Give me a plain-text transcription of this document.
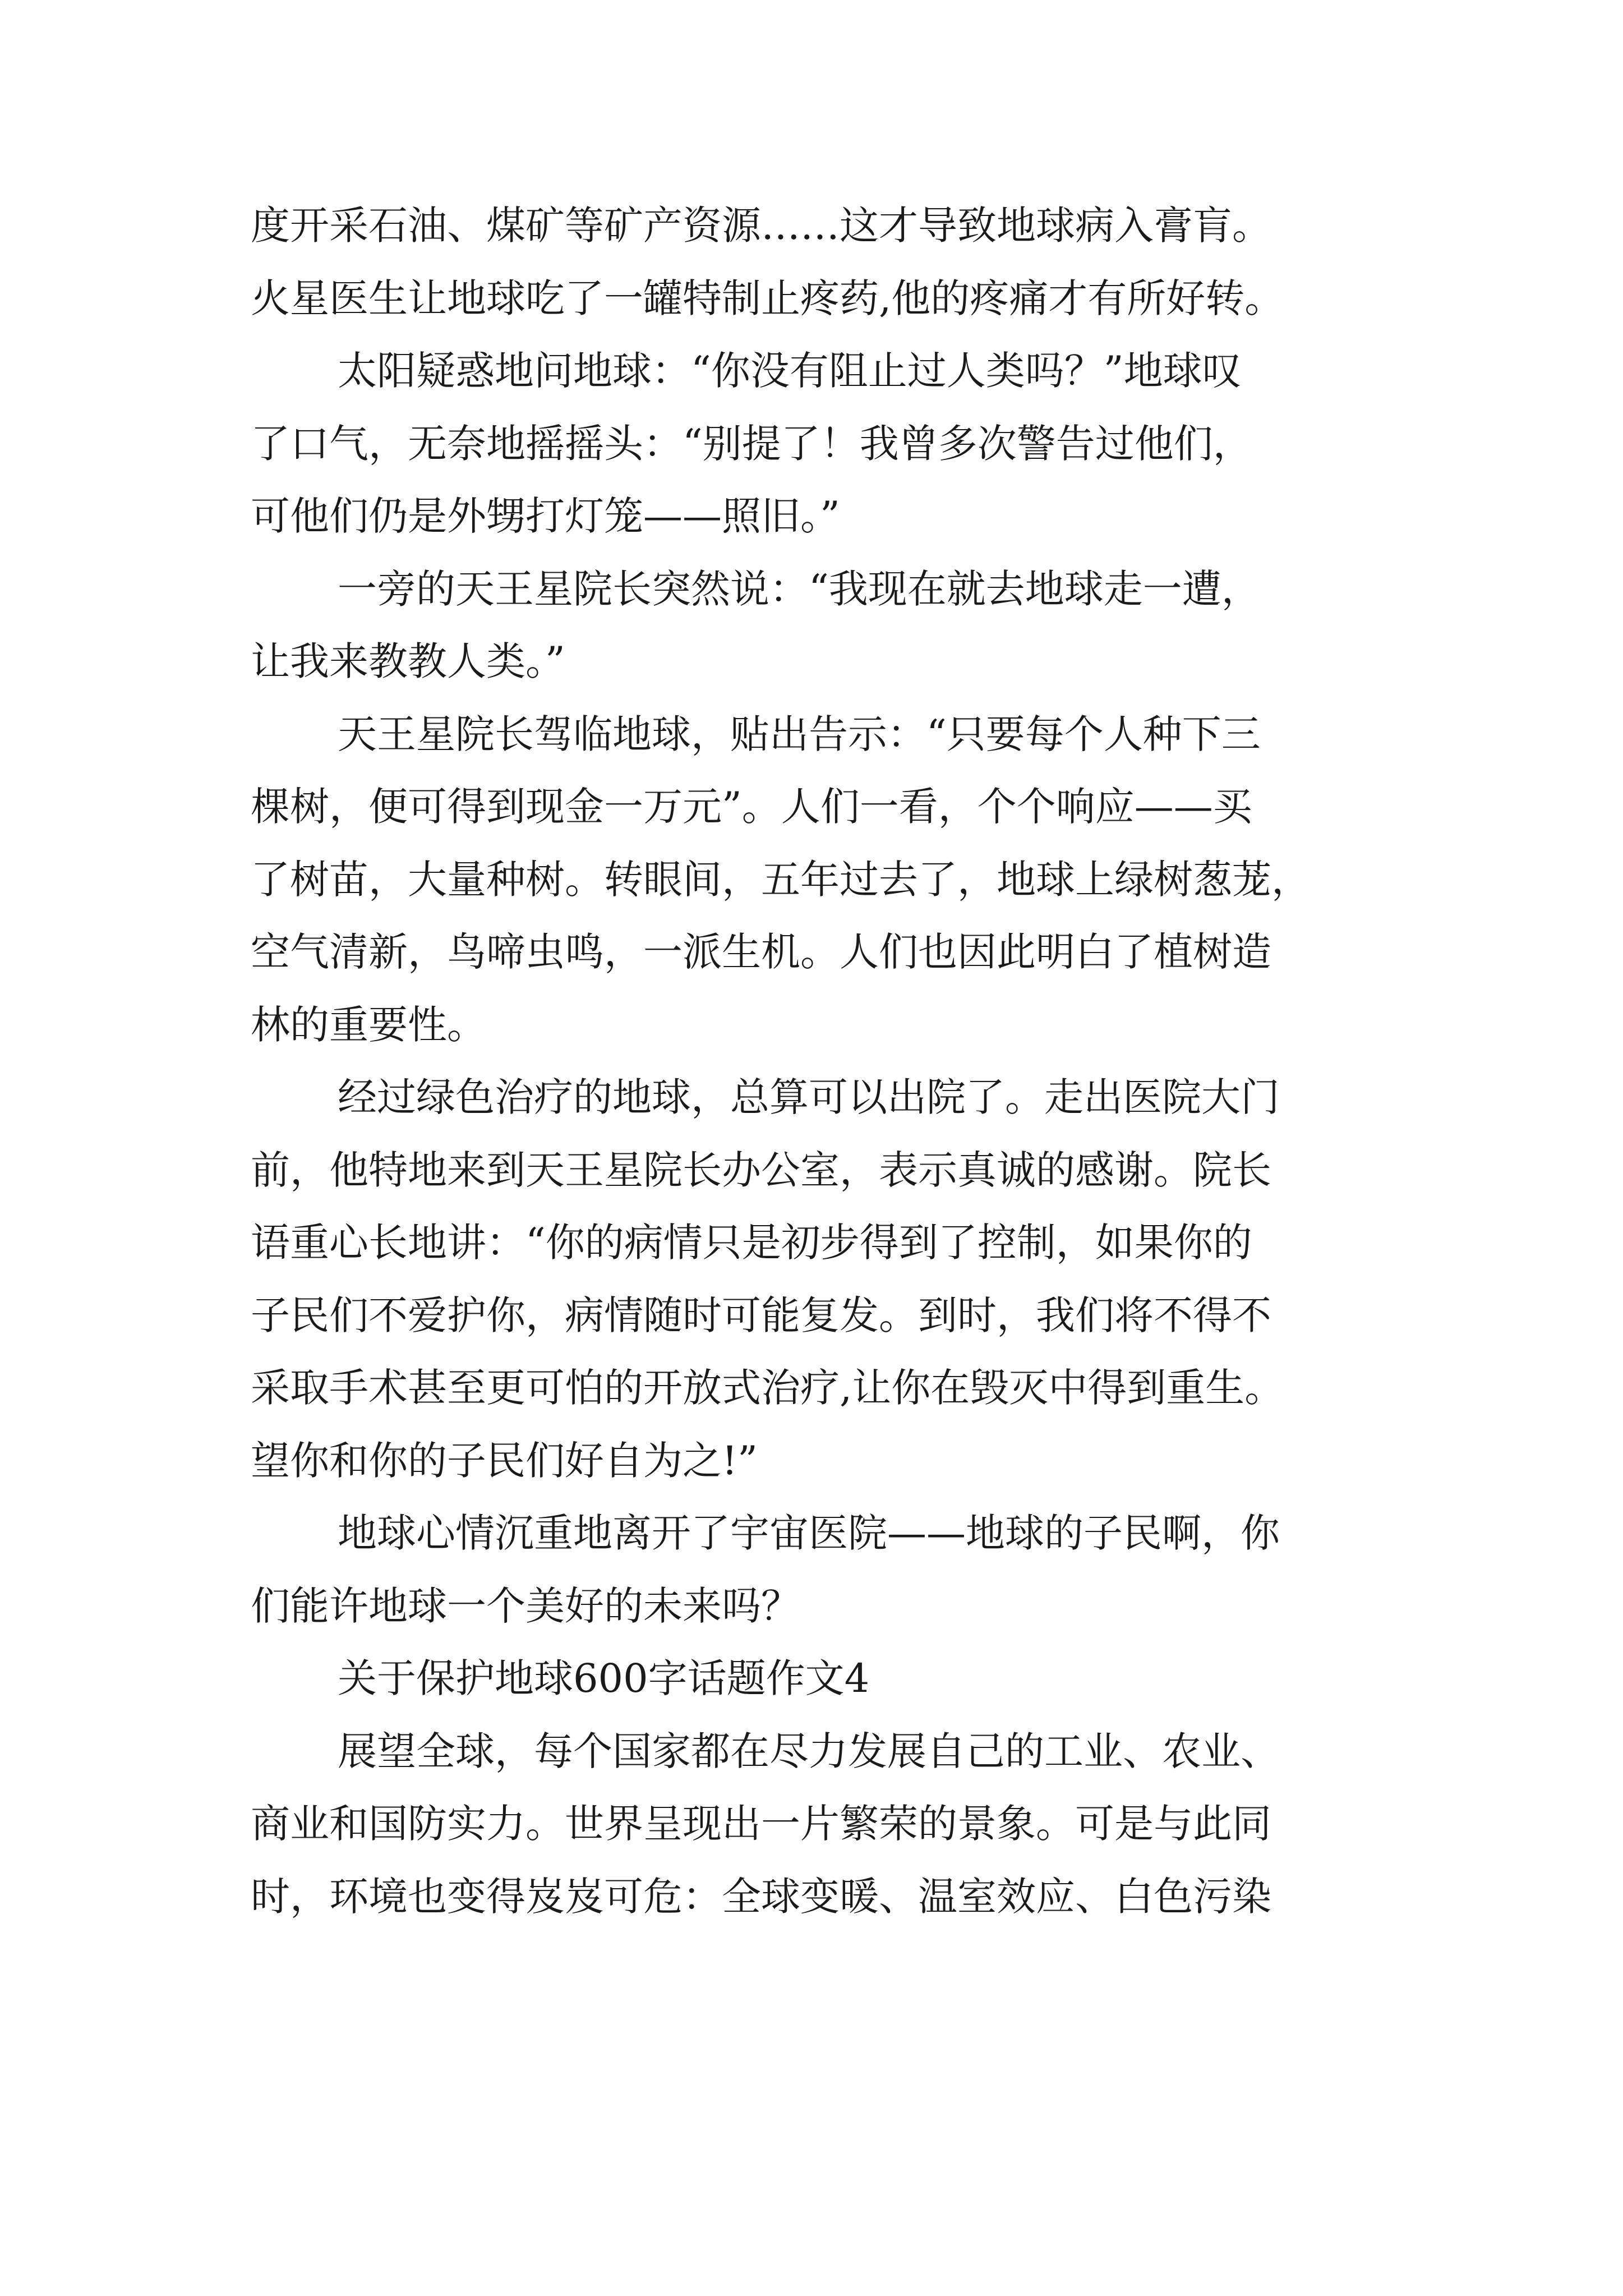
度开采石油、煤矿等矿产资源……这才导致地球病入膏肓。
火星医生让地球吃了一罐特制止疼药,他的疼痛才有所好转。
太阳疑惑地问地球：“你没有阻止过人类吗？”地球叹
了口气，无奈地摇摇头：“别提了！我曾多次警告过他们，
可他们仍是外甥打灯笼——照旧。”
一旁的天王星院长突然说：“我现在就去地球走一遭，
让我来教教人类。”
天王星院长驾临地球，贴出告示：“只要每个人种下三
棵树，便可得到现金一万元”。人们一看，个个响应——买
了树苗，大量种树。转眼间，五年过去了，地球上绿树葱茏，
空气清新，鸟啼虫鸣，一派生机。人们也因此明白了植树造
林的重要性。
经过绿色治疗的地球，总算可以出院了。走出医院大门
前，他特地来到天王星院长办公室，表示真诚的感谢。院长
语重心长地讲：“你的病情只是初步得到了控制，如果你的
子民们不爱护你，病情随时可能复发。到时，我们将不得不
采取手术甚至更可怕的开放式治疗,让你在毁灭中得到重生。
望你和你的子民们好自为之!”
地球心情沉重地离开了宇宙医院——地球的子民啊，你
们能许地球一个美好的未来吗？
关于保护地球600字话题作文4
展望全球，每个国家都在尽力发展自己的工业、农业、
商业和国防实力。世界呈现出一片繁荣的景象。可是与此同
时，环境也变得岌岌可危：全球变暖、温室效应、白色污染
